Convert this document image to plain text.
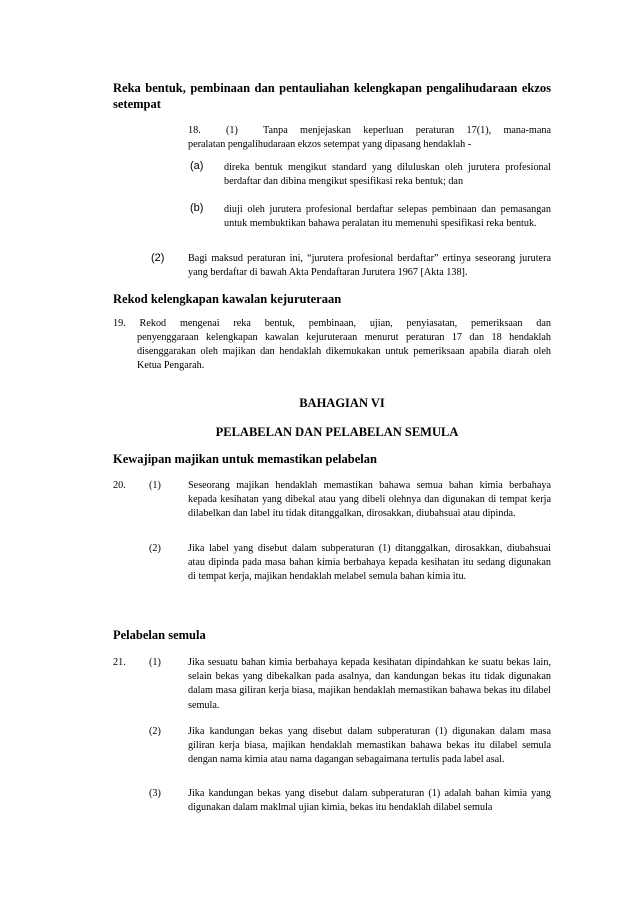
Reka bentuk, pembinaan dan pentauliahan kelengkapan pengalihudaraan ekzos setempat
18. (1) Tanpa menjejaskan keperluan peraturan 17(1), mana-mana
peralatan pengalihudaraan ekzos setempat yang dipasang hendaklah -
(a) direka bentuk mengikut standard yang diluluskan oleh jurutera profesional berdaftar dan dibina mengikut spesifikasi reka bentuk; dan
(b) diuji oleh jurutera profesional berdaftar selepas pembinaan dan pemasangan untuk membuktikan bahawa peralatan itu memenuhi spesifikasi reka bentuk.
(2) Bagi maksud peraturan ini, “jurutera profesional berdaftar” ertinya seseorang jurutera yang berdaftar di bawah Akta Pendaftaran Jurutera 1967 [Akta 138].
Rekod kelengkapan kawalan kejuruteraan
19. Rekod mengenai reka bentuk, pembinaan, ujian, penyiasatan, pemeriksaan dan
penyenggaraan kelengkapan kawalan kejuruteraan menurut peraturan 17 dan 18 hendaklah disenggarakan oleh majikan dan hendaklah dikemukakan untuk pemeriksaan apabila diarah oleh Ketua Pengarah.
BAHAGIAN VI
PELABELAN DAN PELABELAN SEMULA
Kewajipan majikan untuk memastikan pelabelan
20. (1)	Seseorang majikan hendaklah memastikan bahawa semua bahan kimia berbahaya kepada kesihatan yang dibekal atau yang dibeli olehnya dan digunakan di tempat kerja dilabelkan dan label itu tidak ditanggalkan, dirosakkan, diubahsuai atau dipinda.
(2)	Jika label yang disebut dalam subperaturan (1) ditanggalkan, dirosakkan, diubahsuai atau dipinda pada masa bahan kimia berbahaya kepada kesihatan itu sedang digunakan di tempat kerja, majikan hendaklah melabel semula bahan kimia itu.
Pelabelan semula
21. (1)	Jika sesuatu bahan kimia berbahaya kepada kesihatan dipindahkan ke suatu bekas lain, selain bekas yang dibekalkan pada asalnya, dan kandungan bekas itu tidak digunakan dalam masa giliran kerja biasa, majikan hendaklah memastikan bahawa bekas itu dilabel semula.
(2)	Jika kandungan bekas yang disebut dalam subperaturan (1) digunakan dalam masa giliran kerja biasa, majikan hendaklah memastikan bahawa bekas itu dilabel semula dengan nama kimia atau nama dagangan sebagaimana tertulis pada label asal.
(3)	Jika kandungan bekas yang disebut dalam subperaturan (1) adalah bahan kimia yang digunakan dalam maklmal ujian kimia, bekas itu hendaklah dilabel semula
